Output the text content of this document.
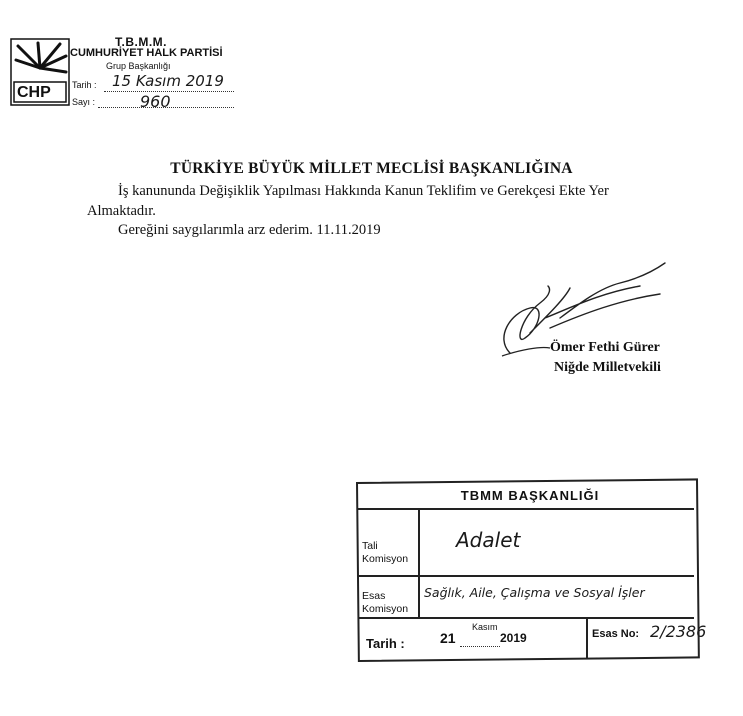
CHP
T.B.M.M.
CUMHURİYET HALK PARTİSİ
Grup Başkanlığı
Tarih : 15 Kasım 2019
Sayı :	960
TÜRKİYE BÜYÜK MİLLET MECLİSİ BAŞKANLIĞINA
İş kanununda Değişiklik Yapılması Hakkında Kanun Teklifim ve Gerekçesi Ekte Yer
Almaktadır.
Gereğini saygılarımla arz ederim. 11.11.2019
Ömer Fethi Gürer
Niğde Milletvekili
TBMM BAŞKANLIĞI
Tali Komisyon
Adalet
Esas Komisyon
Sağlık, Aile, Çalışma ve Sosyal İşler
Tarih :	21
Kasım
2019	Esas No: 2/2386
